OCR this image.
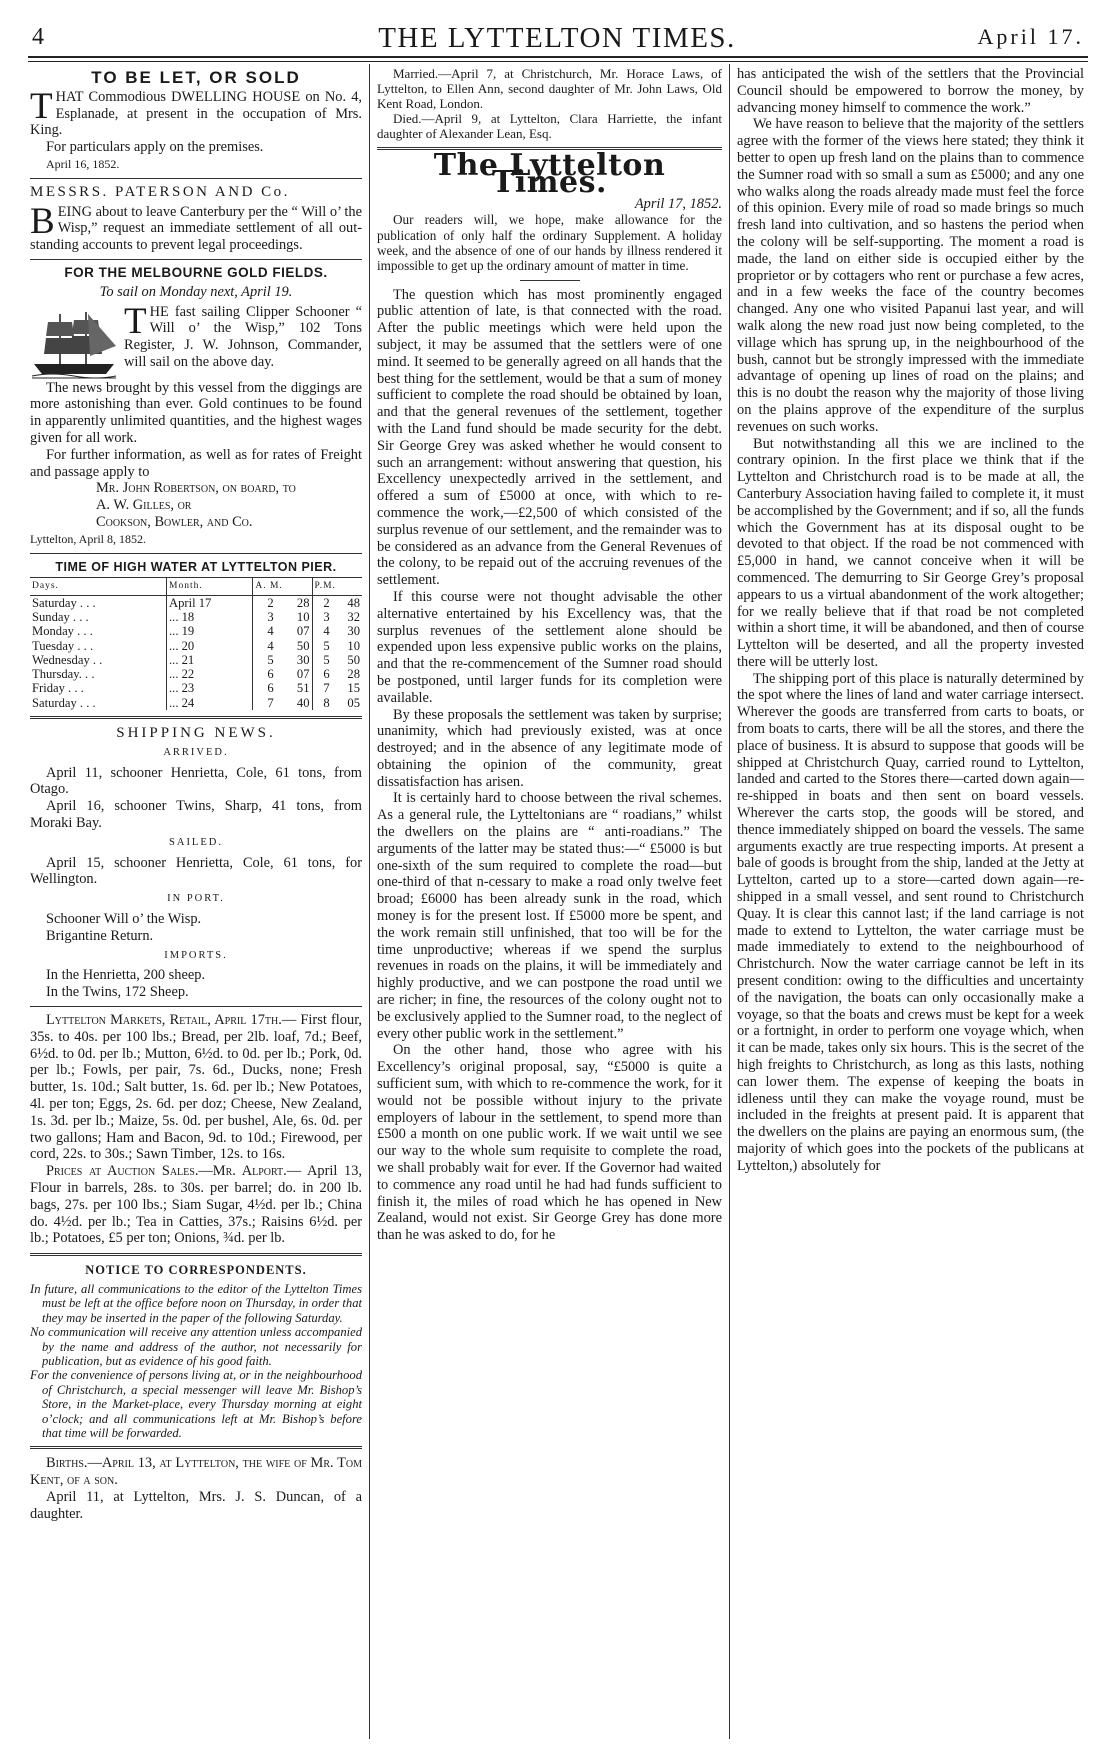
4	THE LYTTELTON TIMES.	April 17.
TO BE LET, OR SOLD

THAT Commodious DWELLING HOUSE on No. 4, Esplanade, at present in the occupation of Mrs. King.

For particulars apply on the premises.

April 16, 1852.

MESSRS. PATERSON AND Co.

BEING about to leave Canterbury per the “ Will o’ the Wisp,” request an immediate settlement of all out-standing accounts to prevent legal proceedings.

FOR THE MELBOURNE GOLD FIELDS.

To sail on Monday next, April 19.

THE fast sailing Clipper Schooner “ Will o’ the Wisp,” 102 Tons Register, J. W. Johnson, Commander, will sail on the above day.

The news brought by this vessel from the diggings are more astonishing than ever. Gold continues to be found in apparently unlimited quantities, and the highest wages given for all work.

For further information, as well as for rates of Freight and passage apply to

Mr. John Robertson, on board, to

A. W. Gilles, or

Cookson, Bowler, and Co.

Lyttelton, April 8, 1852.

TIME OF HIGH WATER AT LYTTELTON PIER.
Days.	Month.	A. M.		P.M.	
Saturday . . .	April 17	2	28	2	48
Sunday . . .	... 18	3	10	3	32
Monday . . .	... 19	4	07	4	30
Tuesday . . .	... 20	4	50	5	10
Wednesday . .	... 21	5	30	5	50
Thursday. . .	... 22	6	07	6	28
Friday . . .	... 23	6	51	7	15
Saturday . . .	... 24	7	40	8	05
SHIPPING NEWS.
ARRIVED.

April 11, schooner Henrietta, Cole, 61 tons, from Otago.

April 16, schooner Twins, Sharp, 41 tons, from Moraki Bay.

SAILED.

April 15, schooner Henrietta, Cole, 61 tons, for Wellington.

IN PORT.

Schooner Will o’ the Wisp.

Brigantine Return.

IMPORTS.

In the Henrietta, 200 sheep.

In the Twins, 172 Sheep.

Lyttelton Markets, Retail, April 17th.— First flour, 35s. to 40s. per 100 lbs.; Bread, per 2lb. loaf, 7d.; Beef, 6½d. to 0d. per lb.; Mutton, 6½d. to 0d. per lb.; Pork, 0d. per lb.; Fowls, per pair, 7s. 6d., Ducks, none; Fresh butter, 1s. 10d.; Salt butter, 1s. 6d. per lb.; New Potatoes, 4l. per ton; Eggs, 2s. 6d. per doz; Cheese, New Zealand, 1s. 3d. per lb.; Maize, 5s. 0d. per bushel, Ale, 6s. 0d. per two gallons; Ham and Bacon, 9d. to 10d.; Firewood, per cord, 22s. to 30s.; Sawn Timber, 12s. to 16s.

Prices at Auction Sales.—Mr. Alport.— April 13, Flour in barrels, 28s. to 30s. per barrel; do. in 200 lb. bags, 27s. per 100 lbs.; Siam Sugar, 4½d. per lb.; China do. 4½d. per lb.; Tea in Catties, 37s.; Raisins 6½d. per lb.; Potatoes, £5 per ton; Onions, ¾d. per lb.

NOTICE TO CORRESPONDENTS.

In future, all communications to the editor of the Lyttelton Times must be left at the office before noon on Thursday, in order that they may be inserted in the paper of the following Saturday.

No communication will receive any attention unless accompanied by the name and address of the author, not necessarily for publication, but as evidence of his good faith.

For the convenience of persons living at, or in the neighbourhood of Christchurch, a special messenger will leave Mr. Bishop’s Store, in the Market-place, every Thursday morning at eight o’clock; and all communications left at Mr. Bishop’s before that time will be forwarded.

Births.—April 13, at Lyttelton, the wife of Mr. Tom Kent, of a son.

April 11, at Lyttelton, Mrs. J. S. Duncan, of a daughter.

Married.—April 7, at Christchurch, Mr. Horace Laws, of Lyttelton, to Ellen Ann, second daughter of Mr. John Laws, Old Kent Road, London.

Died.—April 9, at Lyttelton, Clara Harriette, the infant daughter of Alexander Lean, Esq.

The Lyttelton Times.

April 17, 1852.

Our readers will, we hope, make allowance for the publication of only half the ordinary Supplement. A holiday week, and the absence of one of our hands by illness rendered it impossible to get up the ordinary amount of matter in time.

The question which has most prominently engaged public attention of late, is that connected with the road. After the public meetings which were held upon the subject, it may be assumed that the settlers were of one mind. It seemed to be generally agreed on all hands that the best thing for the settlement, would be that a sum of money sufficient to complete the road should be obtained by loan, and that the general revenues of the settlement, together with the Land fund should be made security for the debt. Sir George Grey was asked whether he would consent to such an arrangement: without answering that question, his Excellency unexpectedly arrived in the settlement, and offered a sum of £5000 at once, with which to re-commence the work,—£2,500 of which consisted of the surplus revenue of our settlement, and the remainder was to be considered as an advance from the General Revenues of the colony, to be repaid out of the accruing revenues of the settlement.

If this course were not thought advisable the other alternative entertained by his Excellency was, that the surplus revenues of the settlement alone should be expended upon less expensive public works on the plains, and that the re-commencement of the Sumner road should be postponed, until larger funds for its completion were available.

By these proposals the settlement was taken by surprise; unanimity, which had previously existed, was at once destroyed; and in the absence of any legitimate mode of obtaining the opinion of the community, great dissatisfaction has arisen.

It is certainly hard to choose between the rival schemes. As a general rule, the Lytteltonians are “ roadians,” whilst the dwellers on the plains are “ anti-roadians.” The arguments of the latter may be stated thus:—“ £5000 is but one-sixth of the sum required to complete the road—but one-third of that n-cessary to make a road only twelve feet broad; £6000 has been already sunk in the road, which money is for the present lost. If £5000 more be spent, and the work remain still unfinished, that too will be for the time unproductive; whereas if we spend the surplus revenues in roads on the plains, it will be immediately and highly productive, and we can postpone the road until we are richer; in fine, the resources of the colony ought not to be exclusively applied to the Sumner road, to the neglect of every other public work in the settlement.”

On the other hand, those who agree with his Excellency’s original proposal, say, “£5000 is quite a sufficient sum, with which to re-commence the work, for it would not be possible without injury to the private employers of labour in the settlement, to spend more than £500 a month on one public work. If we wait until we see our way to the whole sum requisite to complete the road, we shall probably wait for ever. If the Governor had waited to commence any road until he had had funds sufficient to finish it, the miles of road which he has opened in New Zealand, would not exist. Sir George Grey has done more than he was asked to do, for he

has anticipated the wish of the settlers that the Provincial Council should be empowered to borrow the money, by advancing money himself to commence the work.”

We have reason to believe that the majority of the settlers agree with the former of the views here stated; they think it better to open up fresh land on the plains than to commence the Sumner road with so small a sum as £5000; and any one who walks along the roads already made must feel the force of this opinion. Every mile of road so made brings so much fresh land into cultivation, and so hastens the period when the colony will be self-supporting. The moment a road is made, the land on either side is occupied either by the proprietor or by cottagers who rent or purchase a few acres, and in a few weeks the face of the country becomes changed. Any one who visited Papanui last year, and will walk along the new road just now being completed, to the village which has sprung up, in the neighbourhood of the bush, cannot but be strongly impressed with the immediate advantage of opening up lines of road on the plains; and this is no doubt the reason why the majority of those living on the plains approve of the expenditure of the surplus revenues on such works.

But notwithstanding all this we are inclined to the contrary opinion. In the first place we think that if the Lyttelton and Christchurch road is to be made at all, the Canterbury Association having failed to complete it, it must be accomplished by the Government; and if so, all the funds which the Government has at its disposal ought to be devoted to that object. If the road be not commenced with £5,000 in hand, we cannot conceive when it will be commenced. The demurring to Sir George Grey’s proposal appears to us a virtual abandonment of the work altogether; for we really believe that if that road be not completed within a short time, it will be abandoned, and then of course Lyttelton will be deserted, and all the property invested there will be utterly lost.

The shipping port of this place is naturally determined by the spot where the lines of land and water carriage intersect. Wherever the goods are transferred from carts to boats, or from boats to carts, there will be all the stores, and there the place of business. It is absurd to suppose that goods will be shipped at Christchurch Quay, carried round to Lyttelton, landed and carted to the Stores there—carted down again—re-shipped in boats and then sent on board vessels. Wherever the carts stop, the goods will be stored, and thence immediately shipped on board the vessels. The same arguments exactly are true respecting imports. At present a bale of goods is brought from the ship, landed at the Jetty at Lyttelton, carted up to a store—carted down again—re-shipped in a small vessel, and sent round to Christchurch Quay. It is clear this cannot last; if the land carriage is not made to extend to Lyttelton, the water carriage must be made immediately to extend to the neighbourhood of Christchurch. Now the water carriage cannot be left in its present condition: owing to the difficulties and uncertainty of the navigation, the boats can only occasionally make a voyage, so that the boats and crews must be kept for a week or a fortnight, in order to perform one voyage which, when it can be made, takes only six hours. This is the secret of the high freights to Christchurch, as long as this lasts, nothing can lower them. The expense of keeping the boats in idleness until they can make the voyage round, must be included in the freights at present paid. It is apparent that the dwellers on the plains are paying an enormous sum, (the majority of which goes into the pockets of the publicans at Lyttelton,) absolutely for
